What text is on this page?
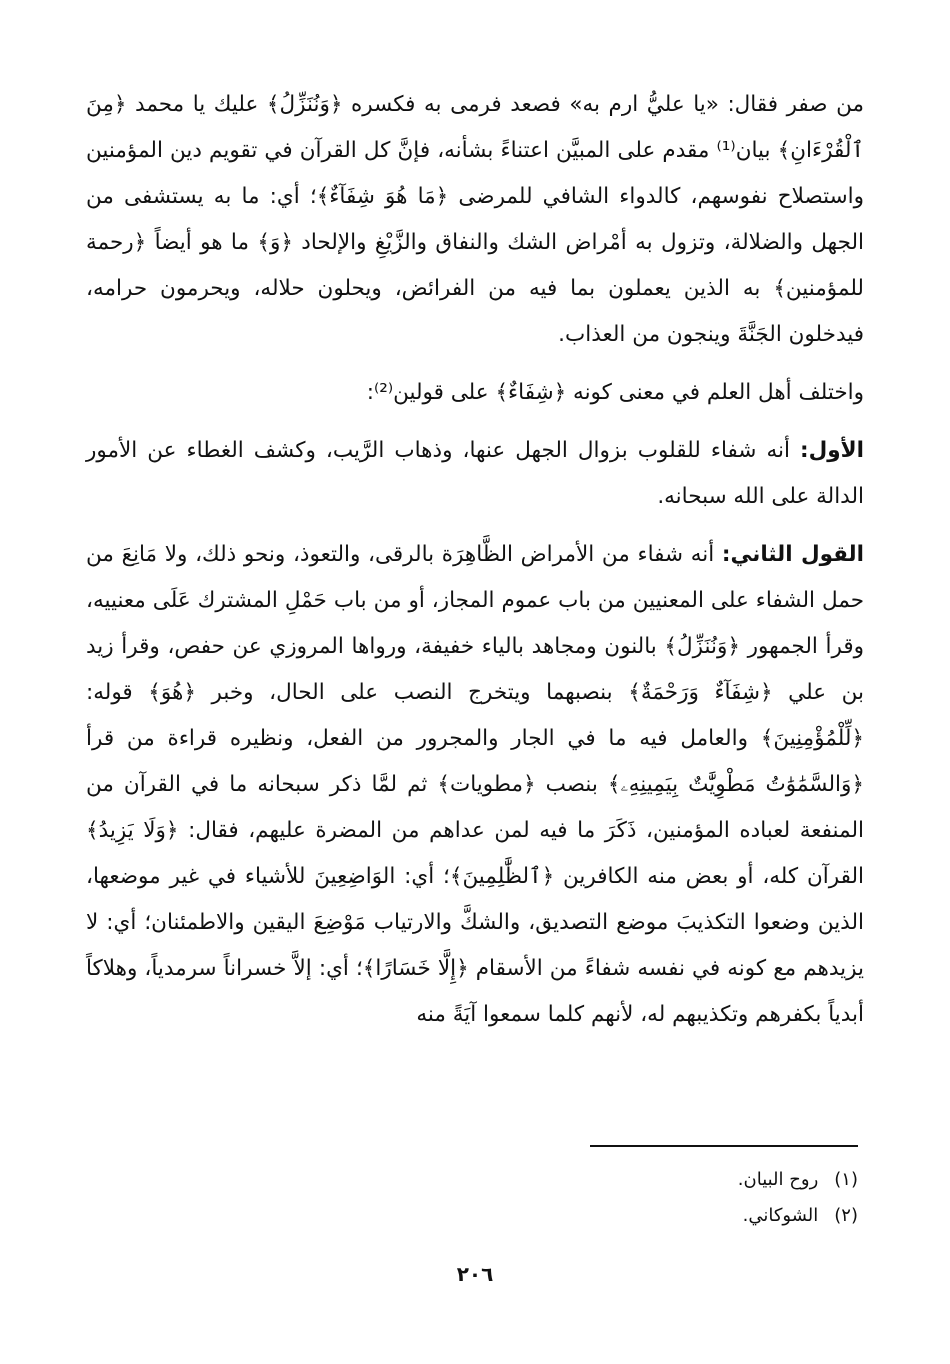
من صفر فقال: «يا عليُّ ارم به» فصعد فرمى به فكسره ﴿وَنُنَزِّلُ﴾ عليك يا محمد ﴿مِنَ ٱلْقُرْءَانِ﴾ بيان⁽¹⁾ مقدم على المبيَّن اعتناءً بشأنه، فإنَّ كل القرآن في تقويم دين المؤمنين واستصلاح نفوسهم، كالدواء الشافي للمرضى ﴿مَا هُوَ شِفَآءٌ﴾؛ أي: ما به يستشفى من الجهل والضلالة، وتزول به أمْراض الشك والنفاق والزَّيْغِ والإلحاد ﴿وَ﴾ ما هو أيضاً ﴿رحمة للمؤمنين﴾ به الذين يعملون بما فيه من الفرائض، ويحلون حلاله، ويحرمون حرامه، فيدخلون الجَنَّةَ وينجون من العذاب.

واختلف أهل العلم في معنى كونه ﴿شِفَاءٌ﴾ على قولين⁽²⁾:

الأول: أنه شفاء للقلوب بزوال الجهل عنها، وذهاب الرَّيب، وكشف الغطاء عن الأمور الدالة على الله سبحانه.

القول الثاني: أنه شفاء من الأمراض الظَّاهِرَة بالرقى، والتعوذ، ونحو ذلك، ولا مَانِعَ من حمل الشفاء على المعنيين من باب عموم المجاز، أو من باب حَمْلِ المشترك عَلَى معنييه، وقرأ الجمهور ﴿وَنُنَزِّلُ﴾ بالنون ومجاهد بالياء خفيفة، ورواها المروزي عن حفص، وقرأ زيد بن علي ﴿شِفَآءٌ وَرَحْمَةٌ﴾ بنصبهما ويتخرج النصب على الحال، وخبر ﴿هُوَ﴾ قوله: ﴿لِّلْمُؤْمِنِينَ﴾ والعامل فيه ما في الجار والمجرور من الفعل، ونظيره قراءة من قرأ ﴿وَالسَّمَٰوَٰتُ مَطْوِيَّٰتٌ بِيَمِينِهِۦ﴾ بنصب ﴿مطويات﴾ ثم لمَّا ذكر سبحانه ما في القرآن من المنفعة لعباده المؤمنين، ذَكَرَ ما فيه لمن عداهم من المضرة عليهم، فقال: ﴿وَلَا يَزِيدُ﴾ القرآن كله، أو بعض منه الكافرين ﴿ٱلظَّٰلِمِينَ﴾؛ أي: الوَاضِعِينَ للأشياء في غير موضعها، الذين وضعوا التكذيبَ موضع التصديق، والشكَّ والارتياب مَوْضِعَ اليقين والاطمئنان؛ أي: لا يزيدهم مع كونه في نفسه شفاءً من الأسقام ﴿إِلَّا خَسَارًا﴾؛ أي: إلاَّ خسراناً سرمدياً، وهلاكاً أبدياً بكفرهم وتكذيبهم له، لأنهم كلما سمعوا آيَةً منه

(١)روح البيان.
(٢)الشوكاني.
٢٠٦
